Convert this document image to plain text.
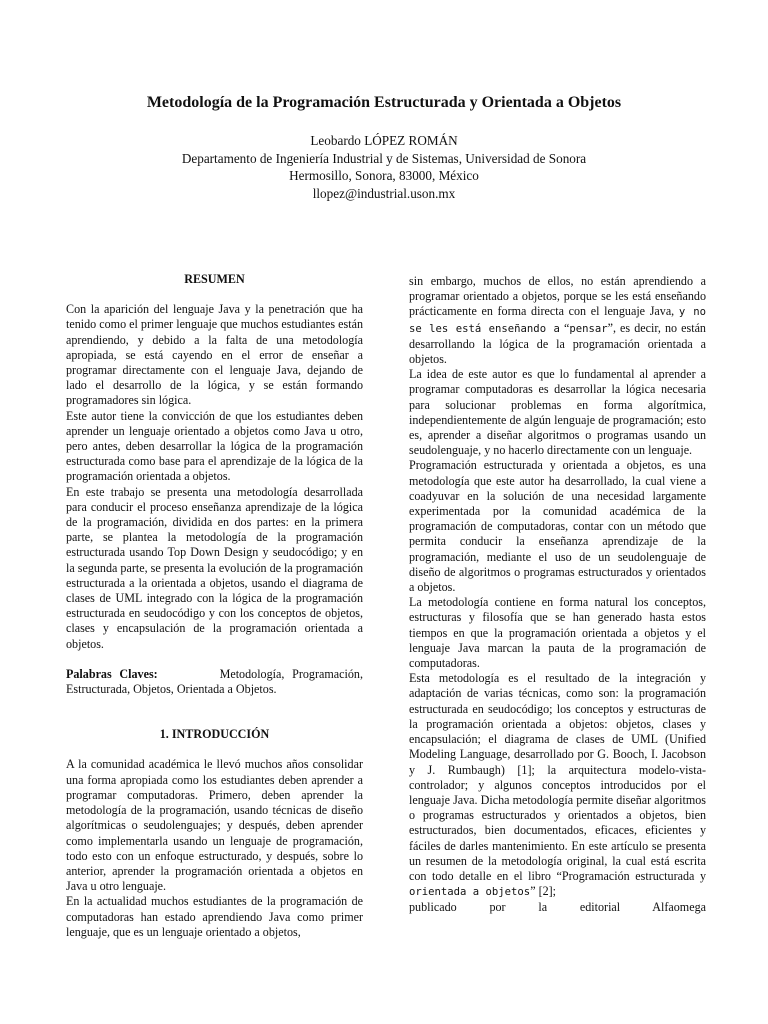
Metodología de la Programación Estructurada y Orientada a Objetos
Leobardo LÓPEZ ROMÁN
Departamento de Ingeniería Industrial y de Sistemas, Universidad de Sonora
Hermosillo, Sonora, 83000, México
llopez@industrial.uson.mx
RESUMEN

Con la aparición del lenguaje Java y la penetración que ha tenido como el primer lenguaje que muchos estudiantes están aprendiendo, y debido a la falta de una metodología apropiada, se está cayendo en el error de enseñar a programar directamente con el lenguaje Java, dejando de lado el desarrollo de la lógica, y se están formando programadores sin lógica.

Este autor tiene la convicción de que los estudiantes deben aprender un lenguaje orientado a objetos como Java u otro, pero antes, deben desarrollar la lógica de la programación estructurada como base para el aprendizaje de la lógica de la programación orientada a objetos.

En este trabajo se presenta una metodología desarrollada para conducir el proceso enseñanza aprendizaje de la lógica de la programación, dividida en dos partes: en la primera parte, se plantea la metodología de la programación estructurada usando Top Down Design y seudocódigo; y en la segunda parte, se presenta la evolución de la programación estructurada a la orientada a objetos, usando el diagrama de clases de UML integrado con la lógica de la programación estructurada en seudocódigo y con los conceptos de objetos, clases y encapsulación de la programación orientada a objetos.

Palabras Claves:	Metodología, Programación, Estructurada, Objetos, Orientada a Objetos.

1. INTRODUCCIÓN

A la comunidad académica le llevó muchos años consolidar una forma apropiada como los estudiantes deben aprender a programar computadoras. Primero, deben aprender la metodología de la programación, usando técnicas de diseño algorítmicas o seudolenguajes; y después, deben aprender como implementarla usando un lenguaje de programación, todo esto con un enfoque estructurado, y después, sobre lo anterior, aprender la programación orientada a objetos en Java u otro lenguaje.

En la actualidad muchos estudiantes de la programación de computadoras han estado aprendiendo Java como primer lenguaje, que es un lenguaje orientado a objetos,

sin embargo, muchos de ellos, no están aprendiendo a programar orientado a objetos, porque se les está enseñando prácticamente en forma directa con el lenguaje Java, y no se les está enseñando a “pensar”, es decir, no están desarrollando la lógica de la programación orientada a objetos.

La idea de este autor es que lo fundamental al aprender a programar computadoras es desarrollar la lógica necesaria para solucionar problemas en forma algorítmica, independientemente de algún lenguaje de programación; esto es, aprender a diseñar algoritmos o programas usando un seudolenguaje, y no hacerlo directamente con un lenguaje.

Programación estructurada y orientada a objetos, es una metodología que este autor ha desarrollado, la cual viene a coadyuvar en la solución de una necesidad largamente experimentada por la comunidad académica de la programación de computadoras, contar con un método que permita conducir la enseñanza aprendizaje de la programación, mediante el uso de un seudolenguaje de diseño de algoritmos o programas estructurados y orientados a objetos.

La metodología contiene en forma natural los conceptos, estructuras y filosofía que se han generado hasta estos tiempos en que la programación orientada a objetos y el lenguaje Java marcan la pauta de la programación de computadoras.

Esta metodología es el resultado de la integración y adaptación de varias técnicas, como son: la programación estructurada en seudocódigo; los conceptos y estructuras de la programación orientada a objetos: objetos, clases y encapsulación; el diagrama de clases de UML (Unified Modeling Language, desarrollado por G. Booch, I. Jacobson y J. Rumbaugh) [1]; la arquitectura modelo-vista-controlador; y algunos conceptos introducidos por el lenguaje Java. Dicha metodología permite diseñar algoritmos o programas estructurados y orientados a objetos, bien estructurados, bien documentados, eficaces, eficientes y fáciles de darles mantenimiento. En este artículo se presenta un resumen de la metodología original, la cual está escrita con todo detalle en el libro “Programación estructurada y orientada a objetos” [2];

publicado por la editorial Alfaomega
